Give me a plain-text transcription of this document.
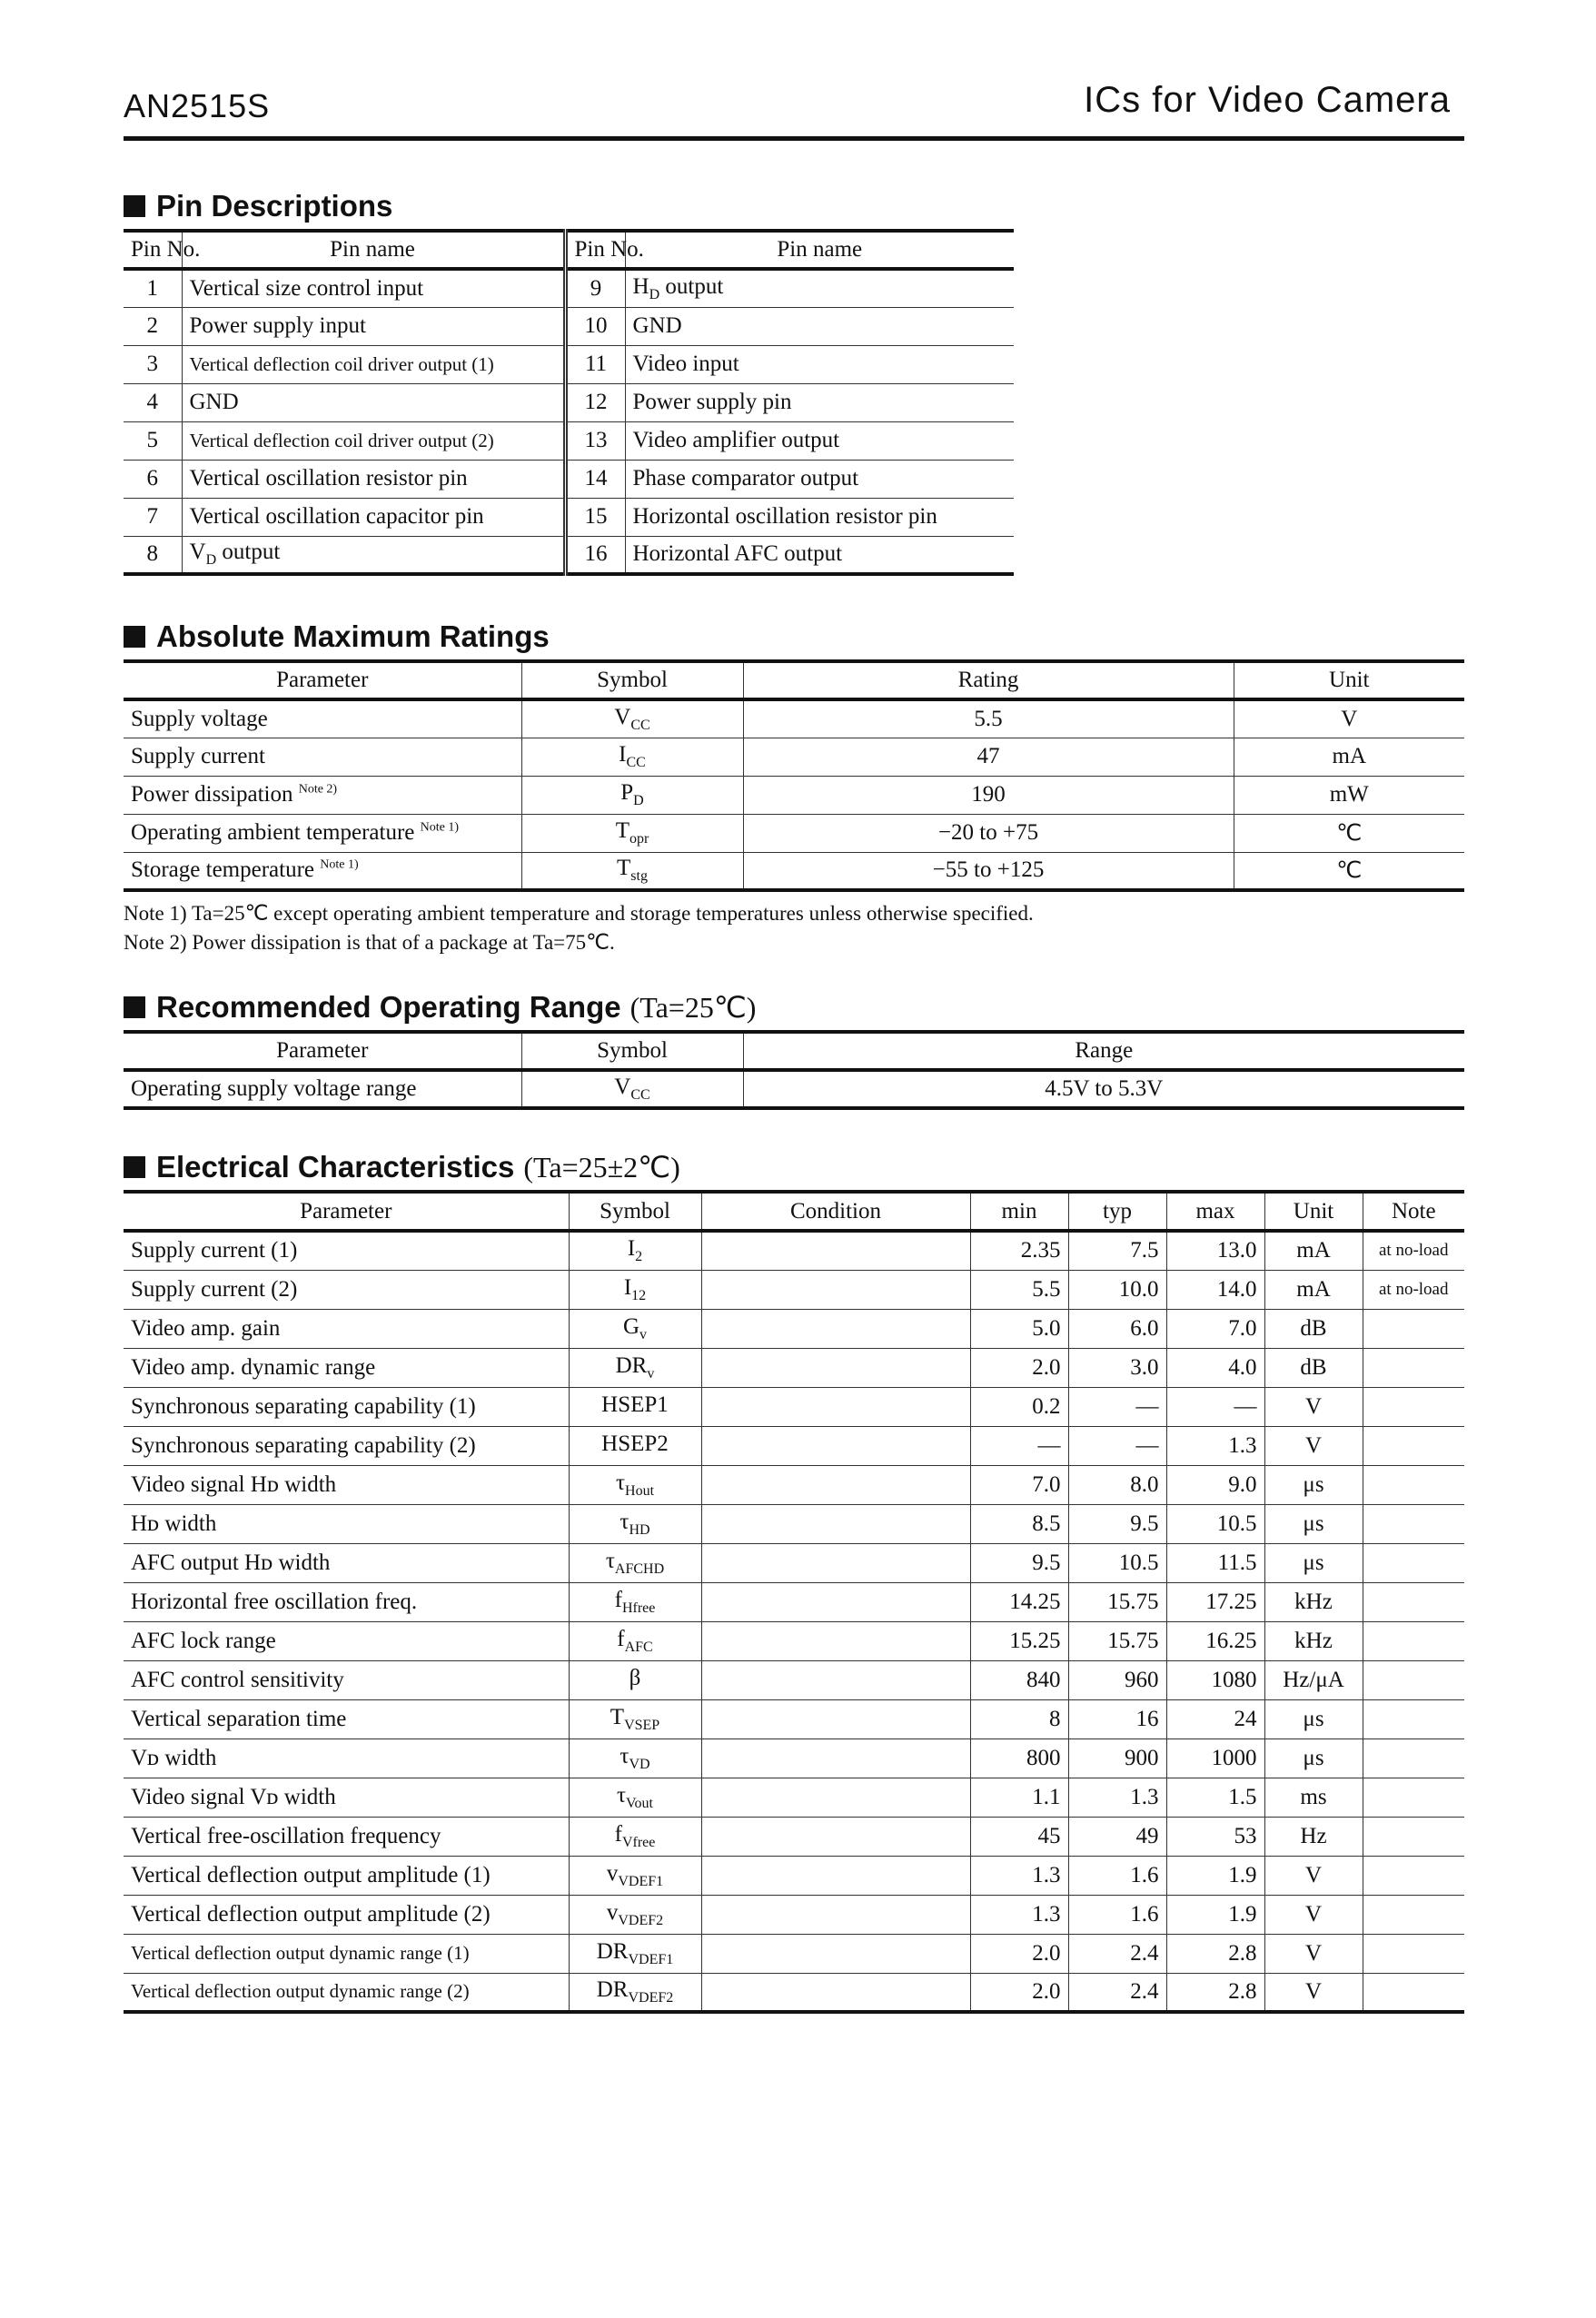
AN2515S	ICs for Video Camera
Pin Descriptions
Pin No.	Pin name	Pin No.	Pin name
1	Vertical size control input	9	$H_D$ output
2	Power supply input	10	GND
3	Vertical deflection coil driver output (1)	11	Video input
4	GND	12	Power supply pin
5	Vertical deflection coil driver output (2)	13	Video amplifier output
6	Vertical oscillation resistor pin	14	Phase comparator output
7	Vertical oscillation capacitor pin	15	Horizontal oscillation resistor pin
8	$V_D$ output	16	Horizontal AFC output
Absolute Maximum Ratings
Parameter	Symbol	Rating	Unit
Supply voltage	$V_{CC}$	5.5	V
Supply current	$I_{CC}$	47	mA
Power dissipation $^{Note 2)}$	$P_D$	190	mW
Operating ambient temperature $^{Note 1)}$	$T_{opr}$	−20 to +75	℃
Storage temperature $^{Note 1)}$	$T_{stg}$	−55 to +125	℃
Note 1) Ta=25℃ except operating ambient temperature and storage temperatures unless otherwise specified.
Note 2) Power dissipation is that of a package at Ta=75℃.
Recommended Operating Range (Ta=25℃)
Parameter	Symbol	Range
Operating supply voltage range	$V_{CC}$	4.5V to 5.3V
Electrical Characteristics (Ta=25±2℃)
Parameter	Symbol	Condition	min	typ	max	Unit	Note
Supply current (1)	$I_2$		2.35	7.5	13.0	mA	at no-load
Supply current (2)	$I_{12}$		5.5	10.0	14.0	mA	at no-load
Video amp. gain	$G_v$		5.0	6.0	7.0	dB	
Video amp. dynamic range	$DR_v$		2.0	3.0	4.0	dB	
Synchronous separating capability (1)	HSEP1		0.2	—	—	V	
Synchronous separating capability (2)	HSEP2		—	—	1.3	V	
Video signal Hᴅ width	$\tau_{Hout}$		7.0	8.0	9.0	μs	
Hᴅ width	$\tau_{HD}$		8.5	9.5	10.5	μs	
AFC output Hᴅ width	$\tau_{AFCHD}$		9.5	10.5	11.5	μs	
Horizontal free oscillation freq.	$f_{Hfree}$		14.25	15.75	17.25	kHz	
AFC lock range	$f_{AFC}$		15.25	15.75	16.25	kHz	
AFC control sensitivity	β		840	960	1080	Hz/μA	
Vertical separation time	$T_{VSEP}$		8	16	24	μs	
Vᴅ width	$\tau_{VD}$		800	900	1000	μs	
Video signal Vᴅ width	$\tau_{Vout}$		1.1	1.3	1.5	ms	
Vertical free-oscillation frequency	$f_{Vfree}$		45	49	53	Hz	
Vertical deflection output amplitude (1)	$v_{VDEF1}$		1.3	1.6	1.9	V	
Vertical deflection output amplitude (2)	$v_{VDEF2}$		1.3	1.6	1.9	V	
Vertical deflection output dynamic range (1)	$DR_{VDEF1}$		2.0	2.4	2.8	V	
Vertical deflection output dynamic range (2)	$DR_{VDEF2}$		2.0	2.4	2.8	V	
